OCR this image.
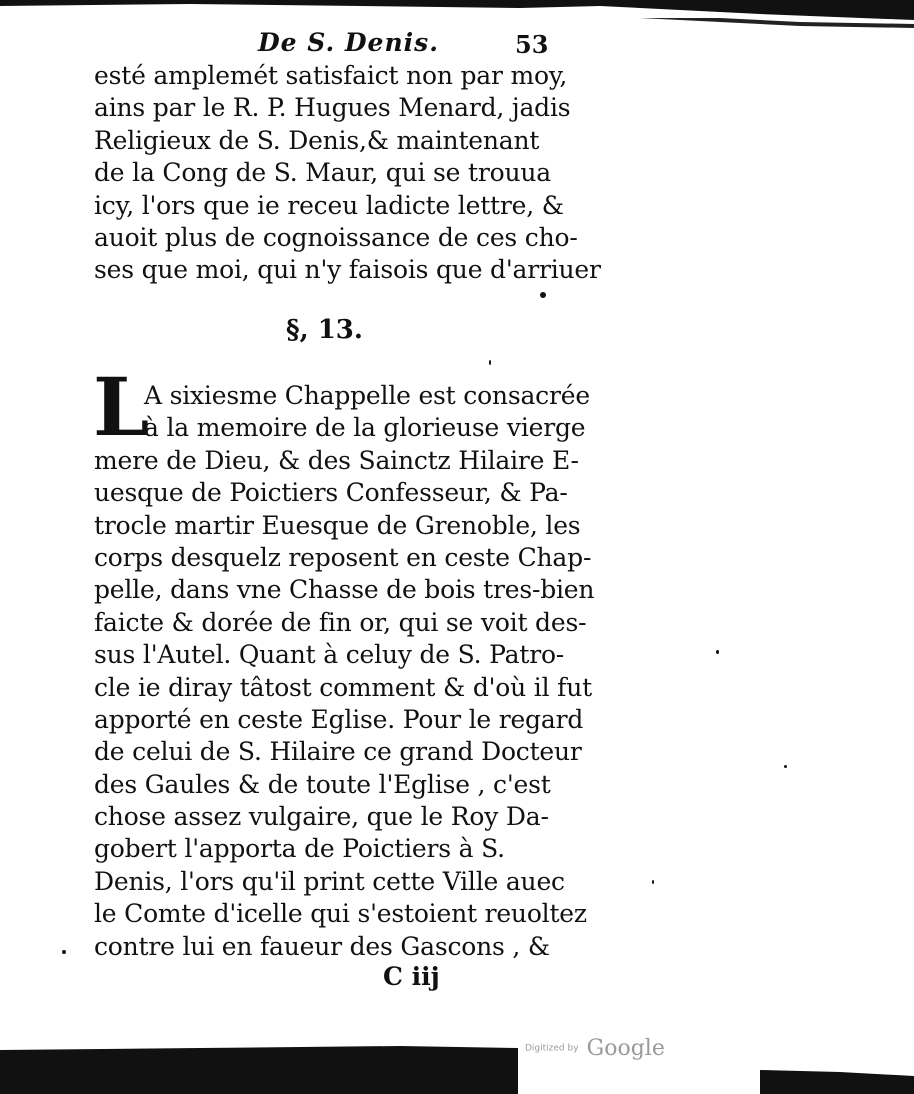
De S. Denis.	53
esté amplemét satisfaict non par moy,
ains par le R. P. Hugues Menard, jadis
Religieux de S. Denis,& maintenant
de la Cong de S. Maur, qui se trouua
icy, l'ors que ie receu ladicte lettre, &
auoit plus de cognoissance de ces cho-
ses que moi, qui n'y faisois que d'arriuer
§, 13.
L
A sixiesme Chappelle est consacrée
à la memoire de la glorieuse vierge
mere de Dieu, & des Sainctz Hilaire E-
uesque de Poictiers Confesseur, & Pa-
trocle martir Euesque de Grenoble, les
corps desquelz reposent en ceste Chap-
pelle, dans vne Chasse de bois tres-bien
faicte & dorée de fin or, qui se voit des-
sus l'Autel. Quant à celuy de S. Patro-
cle ie diray tâtost comment & d'où il fut
apporté en ceste Eglise. Pour le regard
de celui de S. Hilaire ce grand Docteur
des Gaules & de toute l'Eglise , c'est
chose assez vulgaire, que le Roy Da-
gobert l'apporta de Poictiers à S.
Denis, l'ors qu'il print cette Ville auec
le Comte d'icelle qui s'estoient reuoltez
contre lui en faueur des Gascons , &
C iij
Digitized by Google
